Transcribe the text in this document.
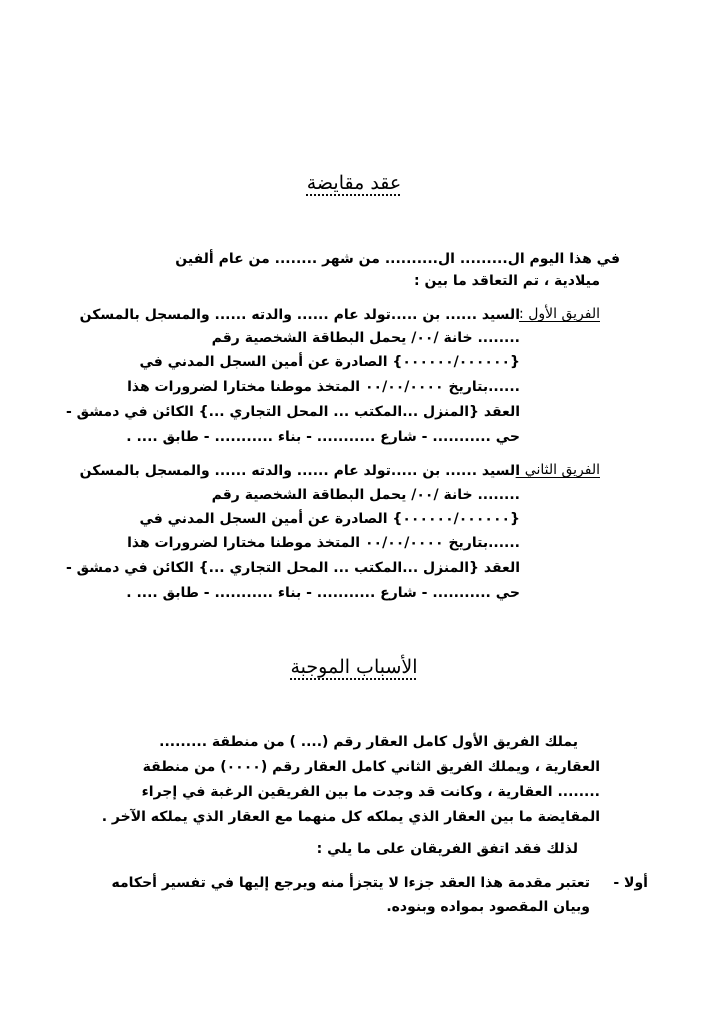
عقد مقايضة
في هذا اليوم ال......... ال.......... من شهر ........ من عام ألفين
ميلادية ، تم التعاقد ما بين :
الفريق الأول :
السيد ...... بن .....تولد عام ...... والدته ...... والمسجل بالمسكن
........ خانة /٠٠/ يحمل البطاقة الشخصية رقم
{٠٠٠٠٠٠/٠٠٠٠٠٠} الصادرة عن أمين السجل المدني في
......بتاريخ ٠٠/٠٠/٠٠٠٠ المتخذ موطنا مختارا لضرورات هذا
العقد {المنزل ...المكتب ... المحل التجاري ...} الكائن في دمشق -
حي ........... - شارع ........... - بناء ........... - طابق .... .
الفريق الثاني :
السيد ...... بن .....تولد عام ...... والدته ...... والمسجل بالمسكن
........ خانة /٠٠/ يحمل البطاقة الشخصية رقم
{٠٠٠٠٠٠/٠٠٠٠٠٠} الصادرة عن أمين السجل المدني في
......بتاريخ ٠٠/٠٠/٠٠٠٠ المتخذ موطنا مختارا لضرورات هذا
العقد {المنزل ...المكتب ... المحل التجاري ...} الكائن في دمشق -
حي ........... - شارع ........... - بناء ........... - طابق .... .
الأسباب الموجبة
يملك الفريق الأول كامل العقار رقم (.... ) من منطقة .........
العقارية ، ويملك الفريق الثاني كامل العقار رقم (٠٠٠٠) من منطقة
........ العقارية ، وكانت قد وجدت ما بين الفريقين الرغبة في إجراء
المقايضة ما بين العقار الذي يملكه كل منهما مع العقار الذي يملكه الآخر .
لذلك فقد اتفق الفريقان على ما يلي :
أولا -
تعتبر مقدمة هذا العقد جزءا لا يتجزأ منه ويرجع إليها في تفسير أحكامه
وبيان المقصود بمواده وبنوده.
